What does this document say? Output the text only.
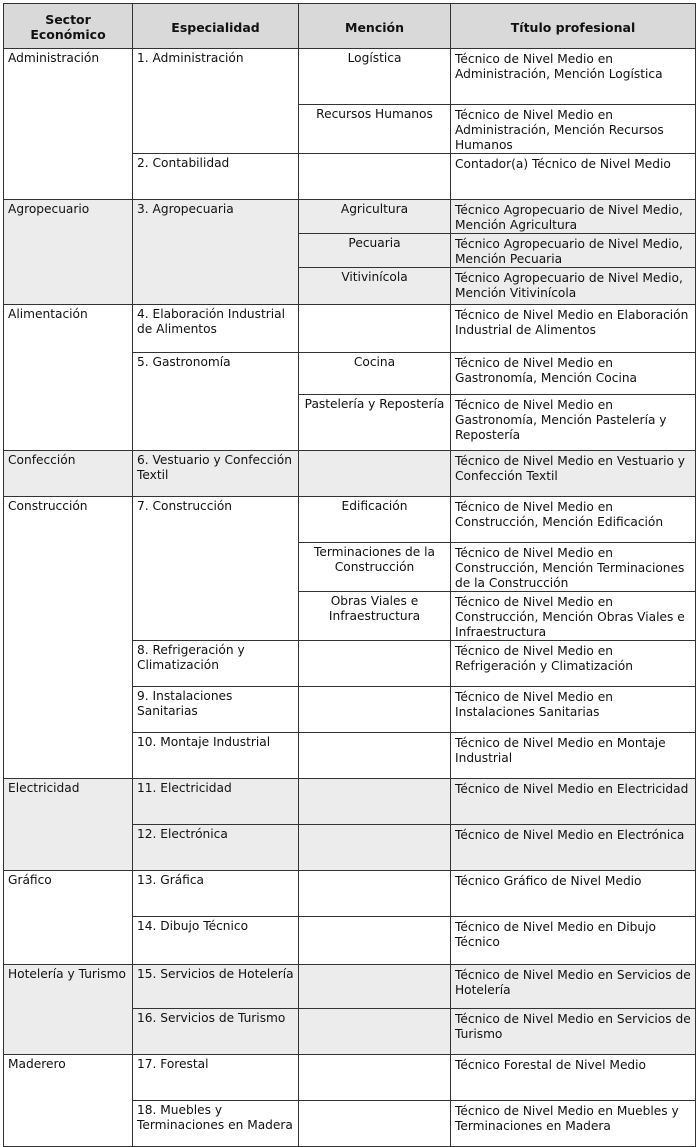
Sector Económico	Especialidad	Mención	Título profesional
Administración	1. Administración	Logística	Técnico de Nivel Medio en Administración, Mención Logística
		Recursos Humanos	Técnico de Nivel Medio en Administración, Mención Recursos Humanos
	2. Contabilidad		Contador(a) Técnico de Nivel Medio
Agropecuario	3. Agropecuaria	Agricultura	Técnico Agropecuario de Nivel Medio, Mención Agricultura
		Pecuaria	Técnico Agropecuario de Nivel Medio, Mención Pecuaria
		Vitivinícola	Técnico Agropecuario de Nivel Medio, Mención Vitivinícola
Alimentación	4. Elaboración Industrial de Alimentos		Técnico de Nivel Medio en Elaboración Industrial de Alimentos
	5. Gastronomía	Cocina	Técnico de Nivel Medio en Gastronomía, Mención Cocina
		Pastelería y Repostería	Técnico de Nivel Medio en Gastronomía, Mención Pastelería y Repostería
Confección	6. Vestuario y Confección Textil		Técnico de Nivel Medio en Vestuario y Confección Textil
Construcción	7. Construcción	Edificación	Técnico de Nivel Medio en Construcción, Mención Edificación
		Terminaciones de la Construcción	Técnico de Nivel Medio en Construcción, Mención Terminaciones de la Construcción
		Obras Viales e Infraestructura	Técnico de Nivel Medio en Construcción, Mención Obras Viales e Infraestructura
	8. Refrigeración y Climatización		Técnico de Nivel Medio en Refrigeración y Climatización
	9. Instalaciones Sanitarias		Técnico de Nivel Medio en Instalaciones Sanitarias
	10. Montaje Industrial		Técnico de Nivel Medio en Montaje Industrial
Electricidad	11. Electricidad		Técnico de Nivel Medio en Electricidad
	12. Electrónica		Técnico de Nivel Medio en Electrónica
Gráfico	13. Gráfica		Técnico Gráfico de Nivel Medio
	14. Dibujo Técnico		Técnico de Nivel Medio en Dibujo Técnico
Hotelería y Turismo	15. Servicios de Hotelería		Técnico de Nivel Medio en Servicios de Hotelería
	16. Servicios de Turismo		Técnico de Nivel Medio en Servicios de Turismo
Maderero	17. Forestal		Técnico Forestal de Nivel Medio
	18. Muebles y Terminaciones en Madera		Técnico de Nivel Medio en Muebles y Terminaciones en Madera
